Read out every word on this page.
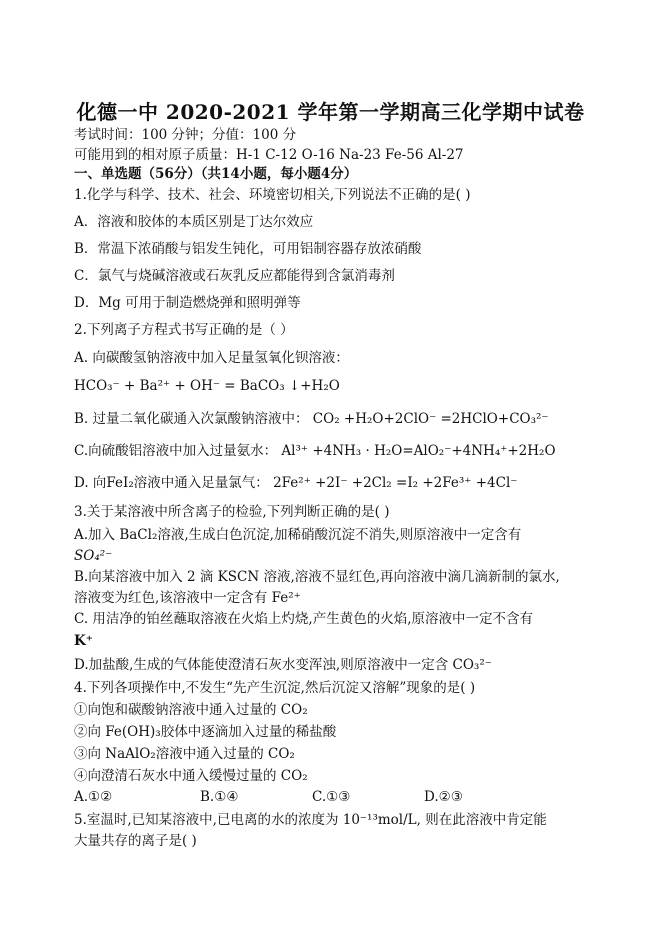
化德一中 2020-2021 学年第一学期高三化学期中试卷
考试时间：100 分钟；分值：100 分
可能用到的相对原子质量：H-1 C-12 O-16 Na-23 Fe-56 Al-27
一、单选题（56分）（共14小题，每小题4分）
1.化学与科学、技术、社会、环境密切相关,下列说法不正确的是( )
A．溶液和胶体的本质区别是丁达尔效应
B．常温下浓硝酸与铝发生钝化，可用铝制容器存放浓硝酸
C．氯气与烧碱溶液或石灰乳反应都能得到含氯消毒剂
D．Mg 可用于制造燃烧弹和照明弹等
2.下列离子方程式书写正确的是（ ）
A. 向碳酸氢钠溶液中加入足量氢氧化钡溶液：
HCO₃⁻ + Ba²⁺ + OH⁻ = BaCO₃ ↓+H₂O
B. 过量二氧化碳通入次氯酸钠溶液中： CO₂ +H₂O+2ClO⁻ =2HClO+CO₃²⁻
C.向硫酸铝溶液中加入过量氨水： Al³⁺ +4NH₃ · H₂O=AlO₂⁻+4NH₄⁺+2H₂O
D. 向FeI₂溶液中通入足量氯气： 2Fe²⁺ +2I⁻ +2Cl₂ =I₂ +2Fe³⁺ +4Cl⁻
3.关于某溶液中所含离子的检验,下列判断正确的是( )
A.加入 BaCl₂溶液,生成白色沉淀,加稀硝酸沉淀不消失,则原溶液中一定含有
SO₄²⁻
B.向某溶液中加入 2 滴 KSCN 溶液,溶液不显红色,再向溶液中滴几滴新制的氯水,
溶液变为红色,该溶液中一定含有 Fe²⁺
C. 用洁净的铂丝蘸取溶液在火焰上灼烧,产生黄色的火焰,原溶液中一定不含有
K⁺
D.加盐酸,生成的气体能使澄清石灰水变浑浊,则原溶液中一定含 CO₃²⁻
4.下列各项操作中,不发生“先产生沉淀,然后沉淀又溶解”现象的是( )
①向饱和碳酸钠溶液中通入过量的 CO₂
②向 Fe(OH)₃胶体中逐滴加入过量的稀盐酸
③向 NaAlO₂溶液中通入过量的 CO₂
④向澄清石灰水中通入缓慢过量的 CO₂
A.①②	B.①④	C.①③	D.②③
5.室温时,已知某溶液中,已电离的水的浓度为 10⁻¹³mol/L, 则在此溶液中肯定能
大量共存的离子是( )
